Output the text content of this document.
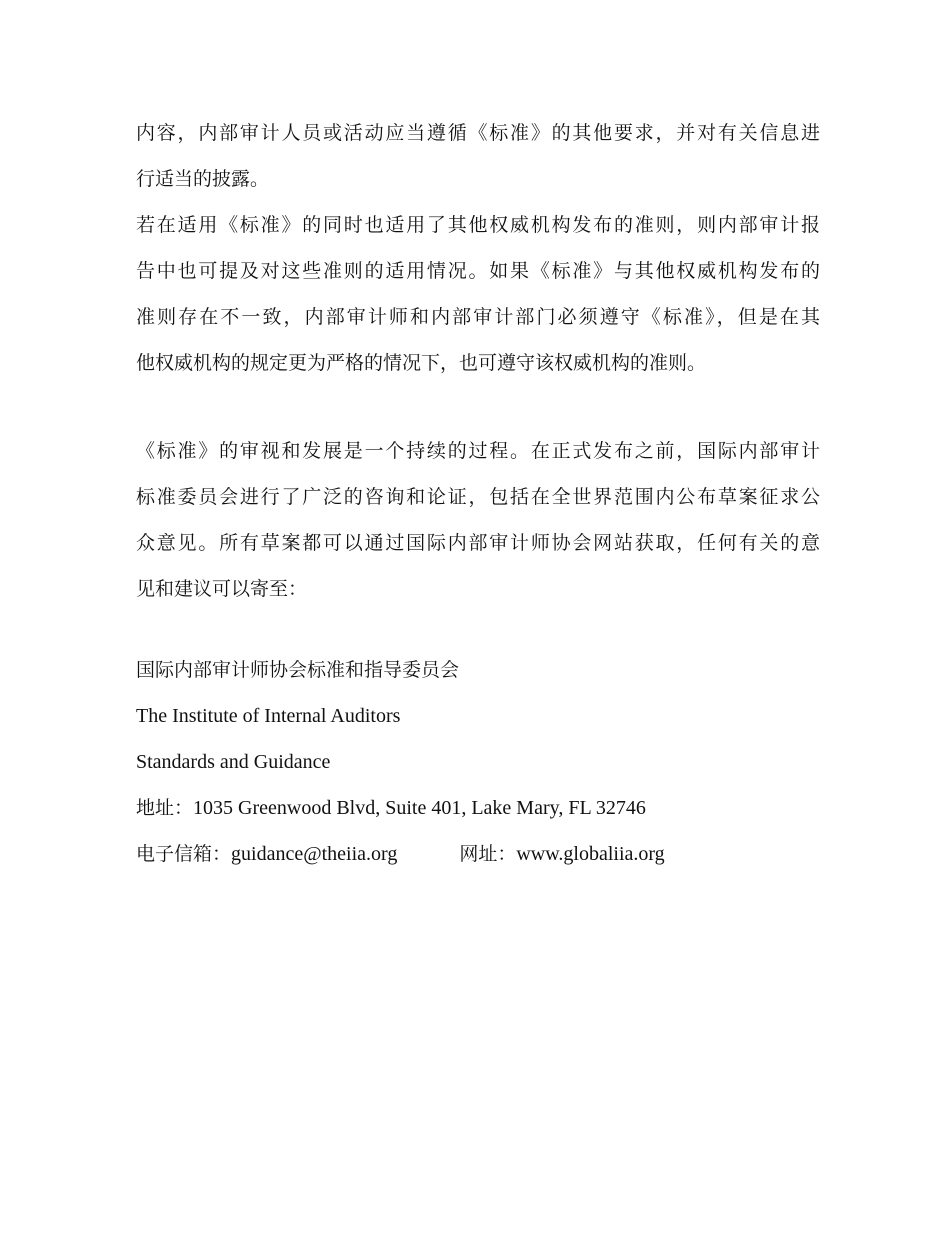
内容，内部审计人员或活动应当遵循《标准》的其他要求，并对有关信息进
行适当的披露。

若在适用《标准》的同时也适用了其他权威机构发布的准则，则内部审计报
告中也可提及对这些准则的适用情况。如果《标准》与其他权威机构发布的
准则存在不一致，内部审计师和内部审计部门必须遵守《标准》，但是在其
他权威机构的规定更为严格的情况下，也可遵守该权威机构的准则。

《标准》的审视和发展是一个持续的过程。在正式发布之前，国际内部审计
标准委员会进行了广泛的咨询和论证，包括在全世界范围内公布草案征求公
众意见。所有草案都可以通过国际内部审计师协会网站获取，任何有关的意
见和建议可以寄至：

国际内部审计师协会标准和指导委员会
The Institute of Internal Auditors
Standards and Guidance
地址：1035 Greenwood Blvd, Suite 401, Lake Mary, FL 32746
电子信箱：guidance@theiia.org	网址：www.globaliia.org
